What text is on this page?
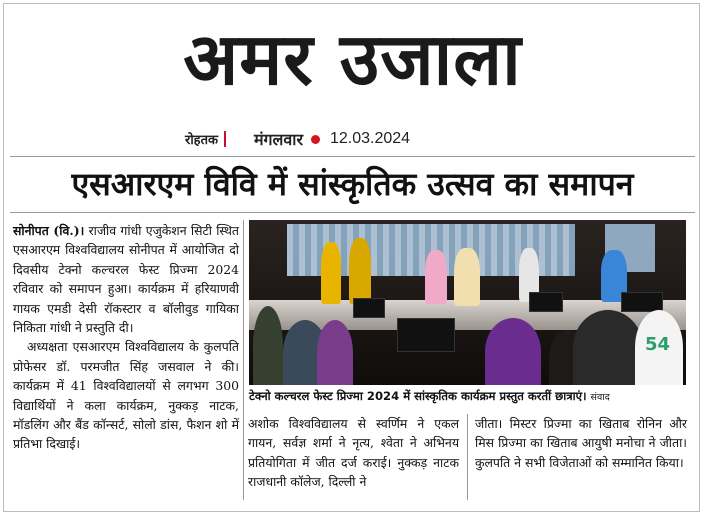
अमर उजाला
रोहतक मंगलवार 12.03.2024
एसआरएम विवि में सांस्कृतिक उत्सव का समापन

सोनीपत (वि.)। राजीव गांधी एजुकेशन सिटी स्थित एसआरएम विश्वविद्यालय सोनीपत में आयोजित दो दिवसीय टेक्नो कल्चरल फेस्ट प्रिज्मा 2024 रविवार को समापन हुआ। कार्यक्रम में हरियाणवी गायक एमडी देसी रॉकस्टार व बॉलीवुड गायिका निकिता गांधी ने प्रस्तुति दी।

अध्यक्षता एसआरएम विश्वविद्यालय के कुलपति प्रोफेसर डॉ. परमजीत सिंह जसवाल ने की। कार्यक्रम में 41 विश्वविद्यालयों से लगभग 300 विद्यार्थियों ने कला कार्यक्रम, नुक्कड़ नाटक, मॉडलिंग और बैंड कॉन्सर्ट, सोलो डांस, फैशन शो में प्रतिभा दिखाई।

54
टेक्नो कल्चरल फेस्ट प्रिज्मा 2024 में सांस्कृतिक कार्यक्रम प्रस्तुत करतीं छात्राएं। संवाद

अशोक विश्वविद्यालय से स्वर्णिम ने एकल गायन, सर्वज्ञ शर्मा ने नृत्य, श्वेता ने अभिनय प्रतियोगिता में जीत दर्ज कराई। नुक्कड़ नाटक राजधानी कॉलेज, दिल्ली ने

जीता। मिस्टर प्रिज्मा का खिताब रोनिन और मिस प्रिज्मा का खिताब आयुषी मनोचा ने जीता। कुलपति ने सभी विजेताओं को सम्मानित किया।
